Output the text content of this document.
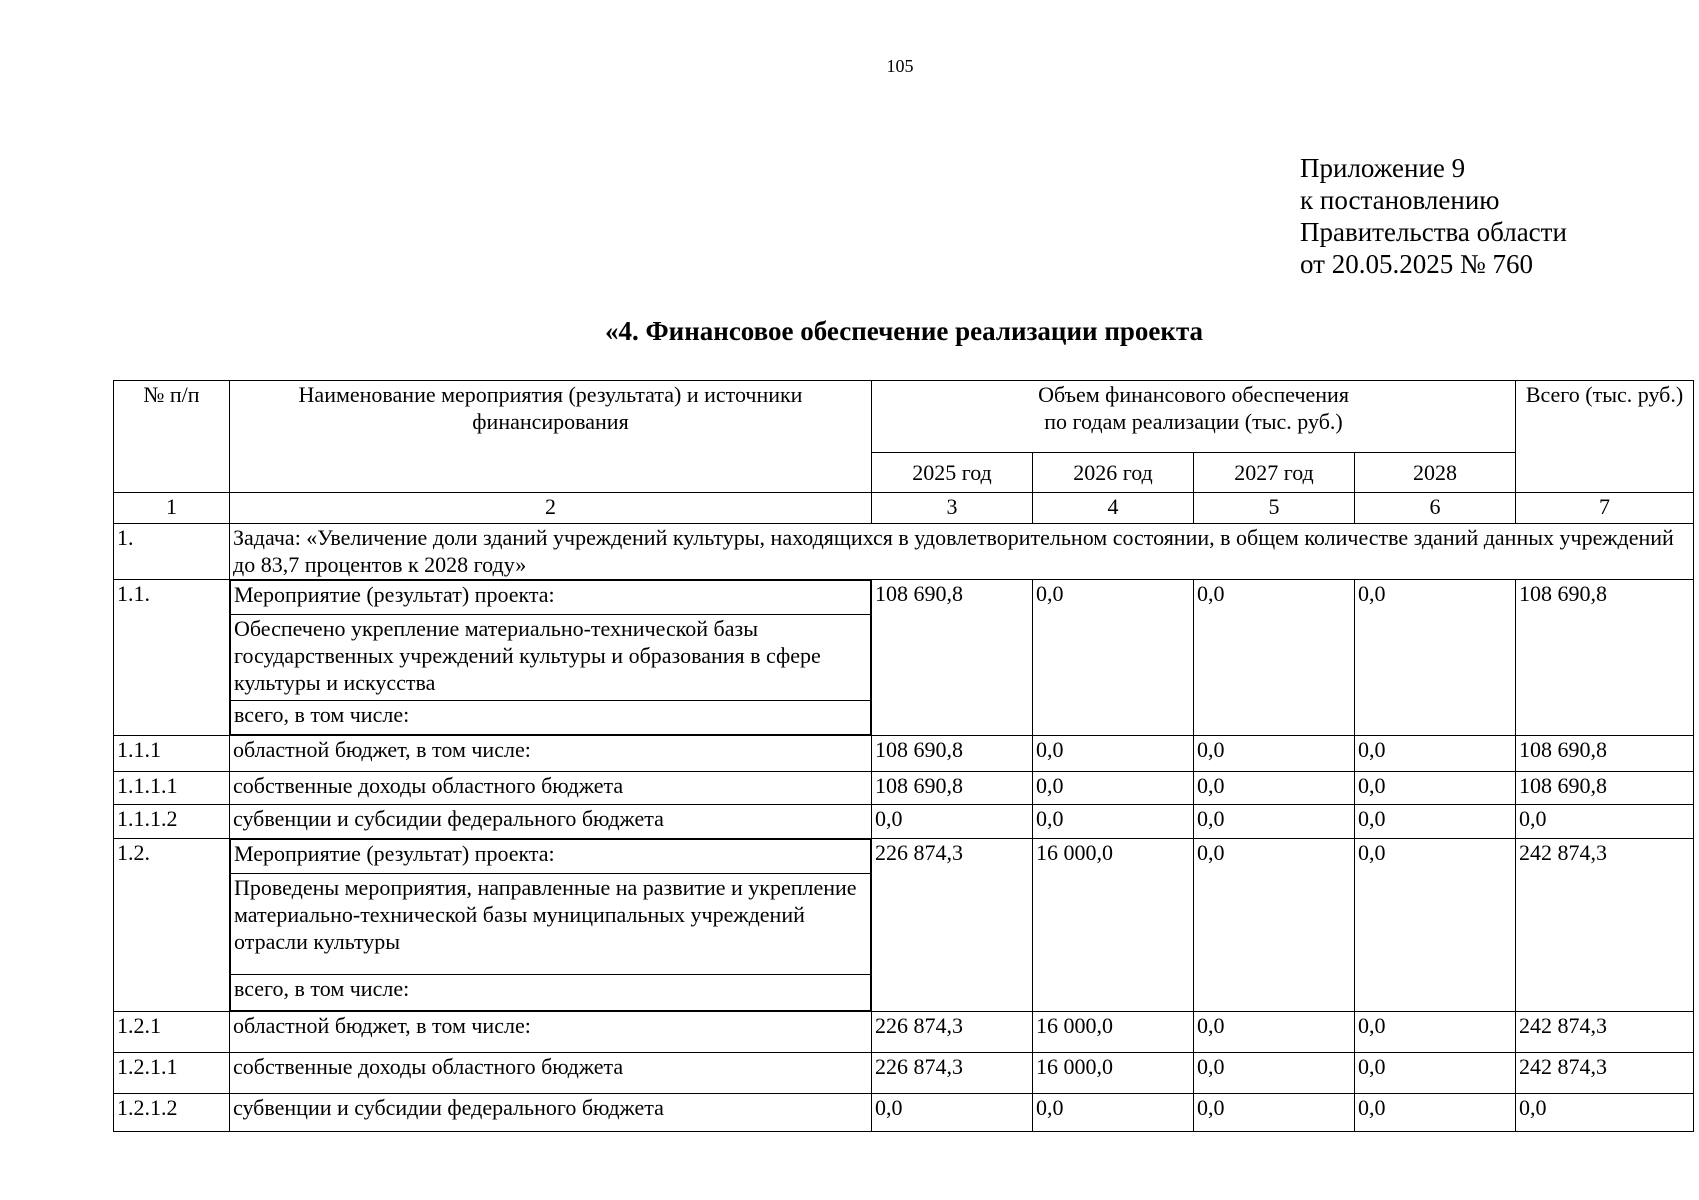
105
Приложение 9
к постановлению
Правительства области
от 20.05.2025 № 760
«4. Финансовое обеспечение реализации проекта
№ п/п	Наименование мероприятия (результата) и источники финансирования	
Объем финансового обеспечения
по годам реализации (тыс. руб.)
	Всего (тыс. руб.)
2025 год	2026 год	2027 год	2028
1	2	3	4	5	6	7
1.	Задача: «Увеличение доли зданий учреждений культуры, находящихся в удовлетворительном состоянии, в общем количестве зданий данных учреждений до 83,7 процентов к 2028 году»
1.1.		Мероприятие (результат) проекта:
Обеспечено укрепление материально-технической базы государственных учреждений культуры и образования в сфере культуры и искусства
всего, в том числе:
	108 690,8	0,0	0,0	0,0	108 690,8
1.1.1	областной бюджет, в том числе:	108 690,8	0,0	0,0	0,0	108 690,8
1.1.1.1	собственные доходы областного бюджета	108 690,8	0,0	0,0	0,0	108 690,8
1.1.1.2	субвенции и субсидии федерального бюджета	0,0	0,0	0,0	0,0	0,0
1.2.		Мероприятие (результат) проекта:
Проведены мероприятия, направленные на развитие и укрепление материально-технической базы муниципальных учреждений отрасли культуры
всего, в том числе:
	226 874,3	16 000,0	0,0	0,0	242 874,3
1.2.1	областной бюджет, в том числе:	226 874,3	16 000,0	0,0	0,0	242 874,3
1.2.1.1	собственные доходы областного бюджета	226 874,3	16 000,0	0,0	0,0	242 874,3
1.2.1.2	субвенции и субсидии федерального бюджета	0,0	0,0	0,0	0,0	0,0
